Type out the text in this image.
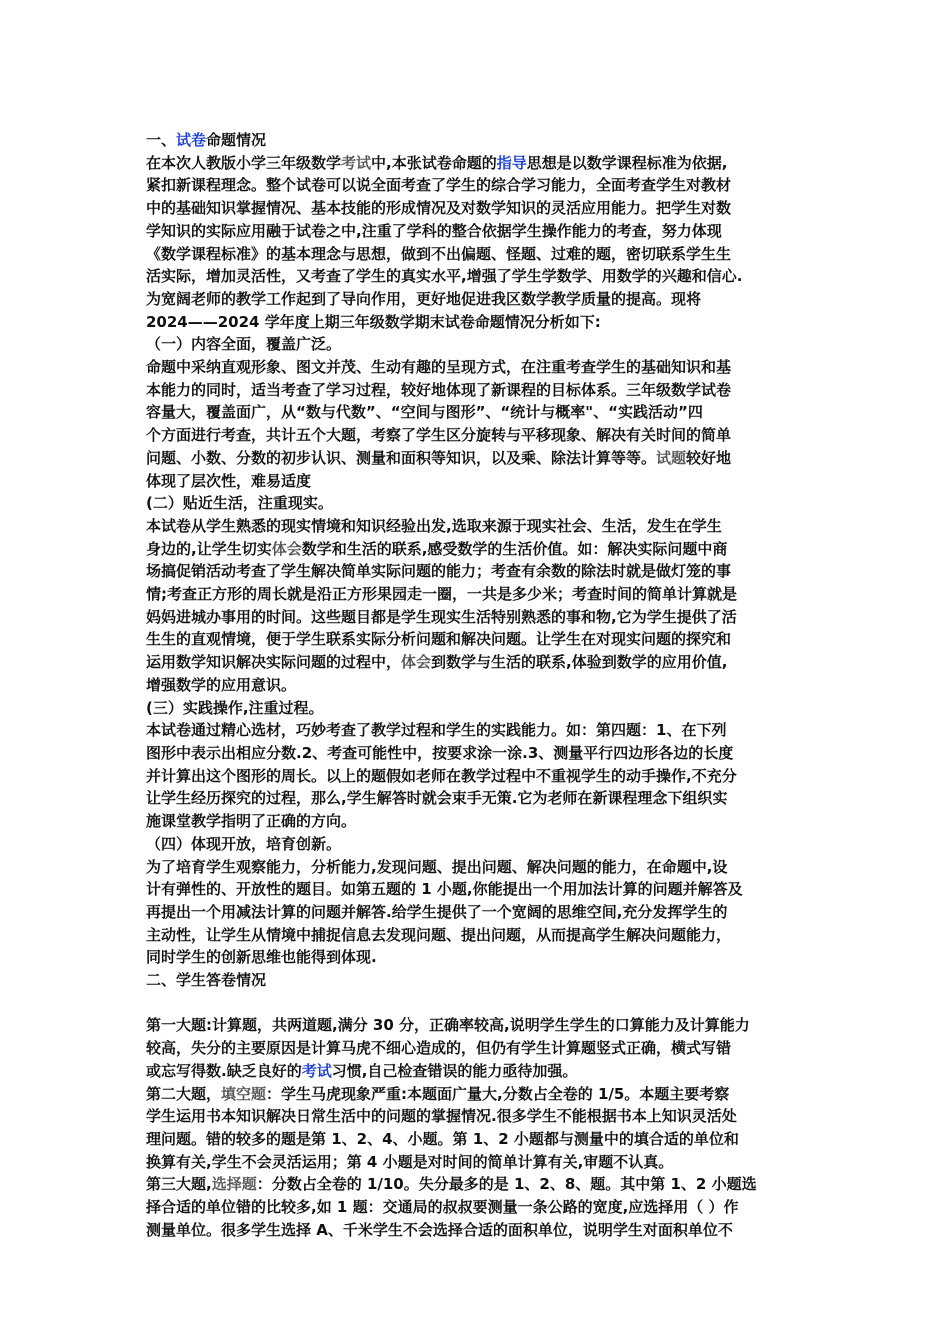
一、试卷命题情况
在本次人教版小学三年级数学考试中,本张试卷命题的指导思想是以数学课程标准为依据,
紧扣新课程理念。整个试卷可以说全面考查了学生的综合学习能力，全面考查学生对教材
中的基础知识掌握情况、基本技能的形成情况及对数学知识的灵活应用能力。把学生对数
学知识的实际应用融于试卷之中,注重了学科的整合依据学生操作能力的考查，努力体现
《数学课程标准》的基本理念与思想，做到不出偏题、怪题、过难的题，密切联系学生生
活实际，增加灵活性，又考查了学生的真实水平,增强了学生学数学、用数学的兴趣和信心.
为宽阔老师的教学工作起到了导向作用，更好地促进我区数学教学质量的提高。现将
2024——2024 学年度上期三年级数学期末试卷命题情况分析如下:
（一）内容全面，覆盖广泛。
命题中采纳直观形象、图文并茂、生动有趣的呈现方式，在注重考查学生的基础知识和基
本能力的同时，适当考查了学习过程，较好地体现了新课程的目标体系。三年级数学试卷
容量大，覆盖面广，从“数与代数”、“空间与图形”、“统计与概率"、“实践活动”四
个方面进行考查，共计五个大题，考察了学生区分旋转与平移现象、解决有关时间的简单
问题、小数、分数的初步认识、测量和面积等知识，以及乘、除法计算等等。试题较好地
体现了层次性，难易适度
(二）贴近生活，注重现实。
本试卷从学生熟悉的现实情境和知识经验出发,选取来源于现实社会、生活，发生在学生
身边的,让学生切实体会数学和生活的联系,感受数学的生活价值。如：解决实际问题中商
场搞促销活动考查了学生解决简单实际问题的能力；考查有余数的除法时就是做灯笼的事
情;考查正方形的周长就是沿正方形果园走一圈，一共是多少米；考查时间的简单计算就是
妈妈进城办事用的时间。这些题目都是学生现实生活特别熟悉的事和物,它为学生提供了活
生生的直观情境，便于学生联系实际分析问题和解决问题。让学生在对现实问题的探究和
运用数学知识解决实际问题的过程中，体会到数学与生活的联系,体验到数学的应用价值,
增强数学的应用意识。
(三）实践操作,注重过程。
本试卷通过精心选材，巧妙考查了教学过程和学生的实践能力。如：第四题：1、在下列
图形中表示出相应分数.2、考查可能性中，按要求涂一涂.3、测量平行四边形各边的长度
并计算出这个图形的周长。以上的题假如老师在教学过程中不重视学生的动手操作,不充分
让学生经历探究的过程，那么,学生解答时就会束手无策.它为老师在新课程理念下组织实
施课堂教学指明了正确的方向。
（四）体现开放，培育创新。
为了培育学生观察能力，分析能力,发现问题、提出问题、解决问题的能力，在命题中,设
计有弹性的、开放性的题目。如第五题的 1 小题,你能提出一个用加法计算的问题并解答及
再提出一个用减法计算的问题并解答.给学生提供了一个宽阔的思维空间,充分发挥学生的
主动性，让学生从情境中捕捉信息去发现问题、提出问题，从而提高学生解决问题能力，
同时学生的创新思维也能得到体现.
二、学生答卷情况
第一大题:计算题，共两道题,满分 30 分，正确率较高,说明学生学生的口算能力及计算能力
较高，失分的主要原因是计算马虎不细心造成的，但仍有学生计算题竖式正确，横式写错
或忘写得数.缺乏良好的考试习惯,自己检查错误的能力亟待加强。
第二大题，填空题：学生马虎现象严重:本题面广量大,分数占全卷的 1/5。本题主要考察
学生运用书本知识解决日常生活中的问题的掌握情况.很多学生不能根据书本上知识灵活处
理问题。错的较多的题是第 1、2、4、小题。第 1、2 小题都与测量中的填合适的单位和
换算有关,学生不会灵活运用；第 4 小题是对时间的简单计算有关,审题不认真。
第三大题,选择题：分数占全卷的 1/10。失分最多的是 1、2、8、题。其中第 1、2 小题选
择合适的单位错的比较多,如 1 题：交通局的叔叔要测量一条公路的宽度,应选择用（ ）作
测量单位。很多学生选择 A、千米学生不会选择合适的面积单位，说明学生对面积单位不
